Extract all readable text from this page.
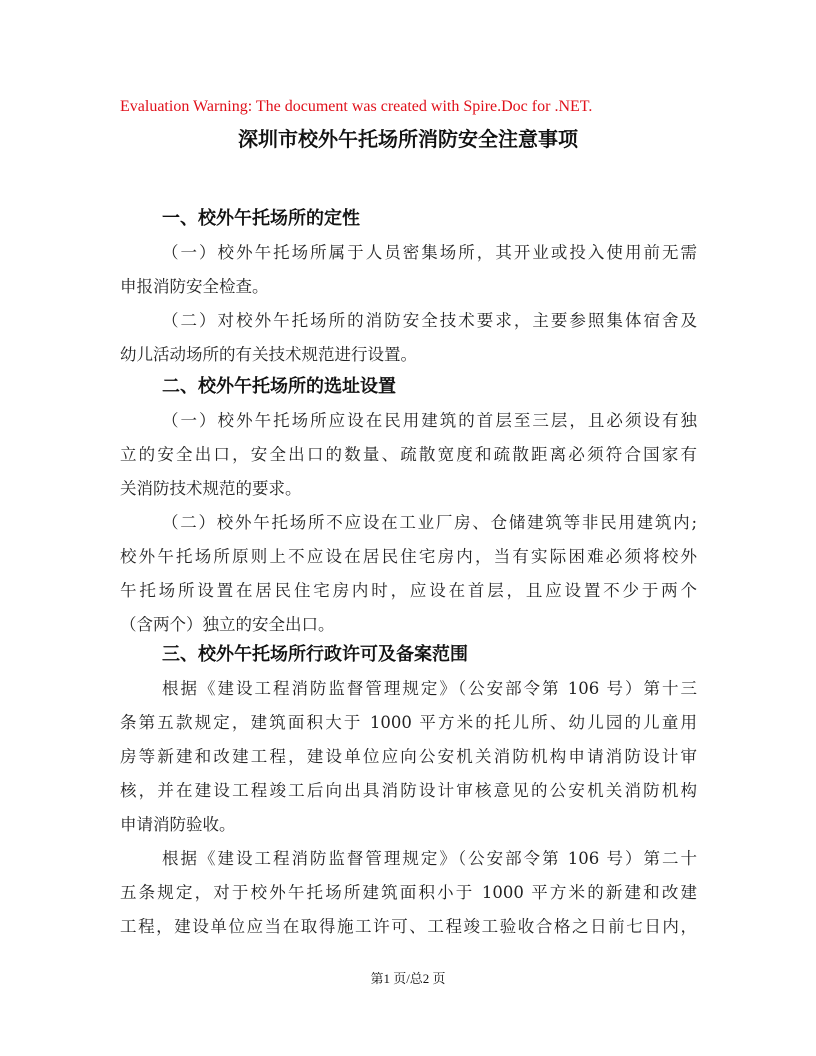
Evaluation Warning: The document was created with Spire.Doc for .NET.
深圳市校外午托场所消防安全注意事项
第1 页/总2 页
一、校外午托场所的定性
（一）校外午托场所属于人员密集场所，其开业或投入使用前无需
申报消防安全检查。
（二）对校外午托场所的消防安全技术要求，主要参照集体宿舍及
幼儿活动场所的有关技术规范进行设置。
二、校外午托场所的选址设置
（一）校外午托场所应设在民用建筑的首层至三层，且必须设有独
立的安全出口，安全出口的数量、疏散宽度和疏散距离必须符合国家有
关消防技术规范的要求。
（二）校外午托场所不应设在工业厂房、仓储建筑等非民用建筑内;
校外午托场所原则上不应设在居民住宅房内，当有实际困难必须将校外
午托场所设置在居民住宅房内时，应设在首层，且应设置不少于两个
（含两个）独立的安全出口。
三、校外午托场所行政许可及备案范围
根据《建设工程消防监督管理规定》（公安部令第 106 号）第十三
条第五款规定，建筑面积大于 1000 平方米的托儿所、幼儿园的儿童用
房等新建和改建工程，建设单位应向公安机关消防机构申请消防设计审
核，并在建设工程竣工后向出具消防设计审核意见的公安机关消防机构
申请消防验收。
根据《建设工程消防监督管理规定》（公安部令第 106 号）第二十
五条规定，对于校外午托场所建筑面积小于 1000 平方米的新建和改建
工程，建设单位应当在取得施工许可、工程竣工验收合格之日前七日内，
